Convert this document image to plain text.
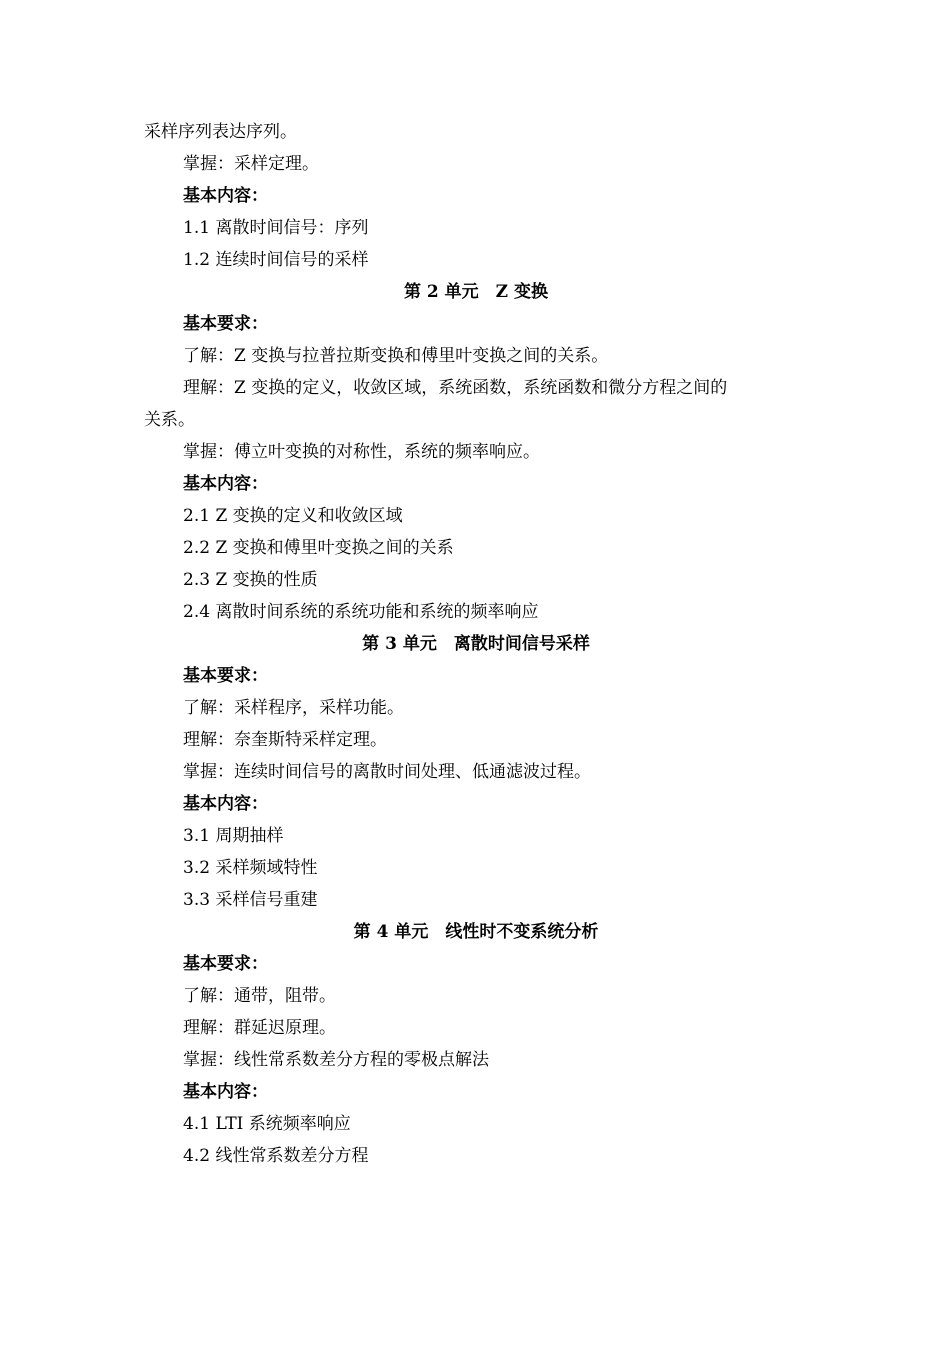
采样序列表达序列。
掌握：采样定理。
基本内容：
1.1 离散时间信号：序列
1.2 连续时间信号的采样
第 2 单元　Z 变换
基本要求：
了解：Z 变换与拉普拉斯变换和傅里叶变换之间的关系。
理解：Z 变换的定义，收敛区域，系统函数，系统函数和微分方程之间的
关系。
掌握：傅立叶变换的对称性，系统的频率响应。
基本内容：
2.1 Z 变换的定义和收敛区域
2.2 Z 变换和傅里叶变换之间的关系
2.3 Z 变换的性质
2.4 离散时间系统的系统功能和系统的频率响应
第 3 单元　离散时间信号采样
基本要求：
了解：采样程序，采样功能。
理解：奈奎斯特采样定理。
掌握：连续时间信号的离散时间处理、低通滤波过程。
基本内容：
3.1 周期抽样
3.2 采样频域特性
3.3 采样信号重建
第 4 单元　线性时不变系统分析
基本要求：
了解：通带，阻带。
理解：群延迟原理。
掌握：线性常系数差分方程的零极点解法
基本内容：
4.1 LTI 系统频率响应
4.2 线性常系数差分方程
